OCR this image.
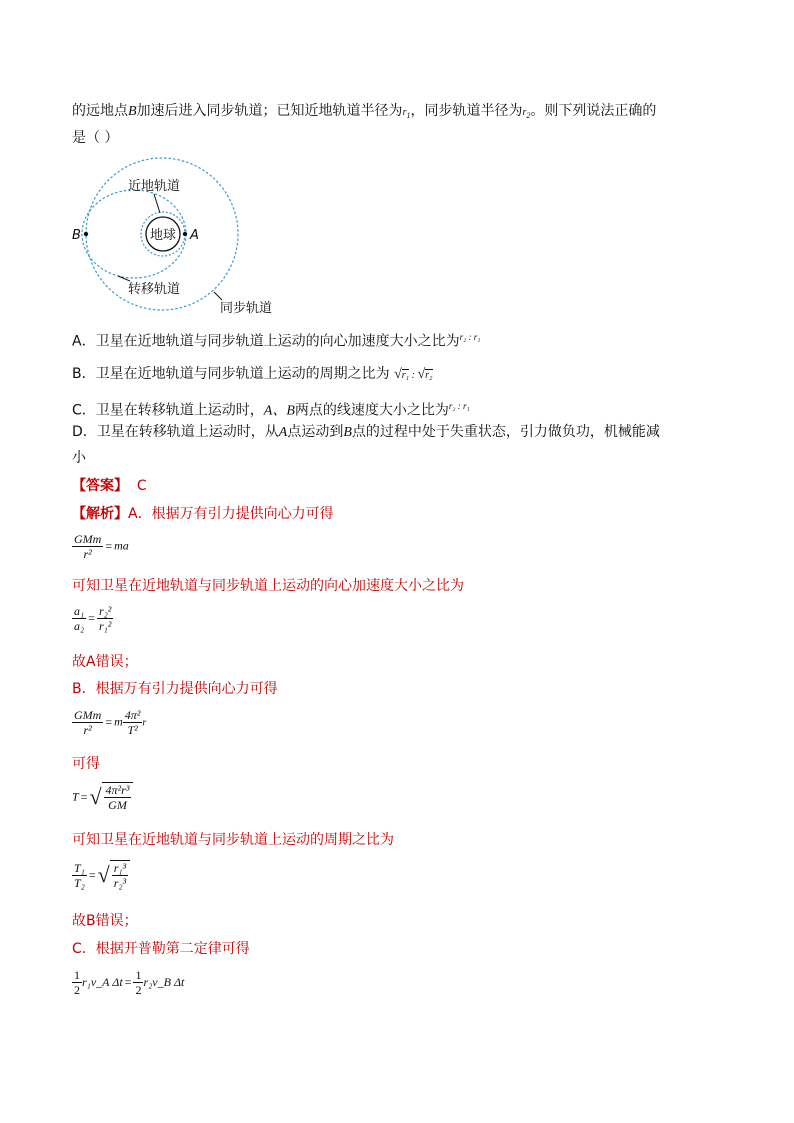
的远地点B加速后进入同步轨道；已知近地轨道半径为$r_1$，同步轨道半径为$r_2$。则下列说法正确的
是（ ）
地球 A
B
近地轨道
转移轨道
同步轨道
A．卫星在近地轨道与同步轨道上运动的向心加速度大小之比为$^{r_2 : r_1}$
B．卫星在近地轨道与同步轨道上运动的周期之比为 √r₁ : √r₂
C．卫星在转移轨道上运动时，A、B两点的线速度大小之比为$^{r_2 : r_1}$
D．卫星在转移轨道上运动时，从A点运动到B点的过程中处于失重状态，引力做负功，机械能减
小
【答案】 C
【解析】A．根据万有引力提供向心力可得
$\frac{\text{GMm}}{\text{r²}}$ = ma
可知卫星在近地轨道与同步轨道上运动的向心加速度大小之比为
$\frac{\text{a₁}}{\text{a₂}} = \frac{\text{r₂²}}{\text{r₁²}}$
故A错误；
B．根据万有引力提供向心力可得
$\frac{\text{GMm}}{\text{r²}} = m \frac{\text{4π²}}{\text{T²}}$ r
可得
T =√ $\frac{\text{4π²r³}}{GM}$
可知卫星在近地轨道与同步轨道上运动的周期之比为
$\frac{\text{T₁}}{\text{T₂}}$ =√ $\frac{\text{r₁³}}{\text{r₂³}}$
故B错误；
C．根据开普勒第二定律可得
$\frac{1}{2}$ r₁v_A $\Delta t = \frac{1}{2}$ r₂v_B Δt
